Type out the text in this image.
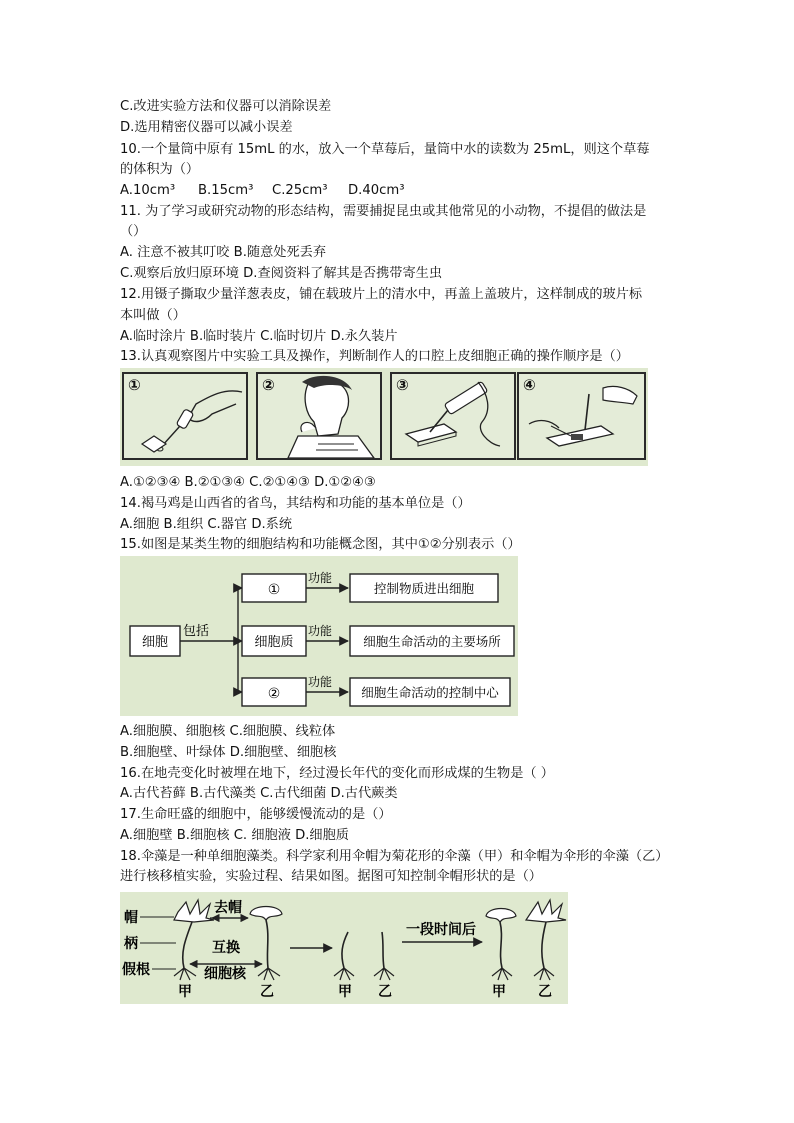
C.改进实验方法和仪器可以消除误差
D.选用精密仪器可以减小误差
10.一个量筒中原有 15mL 的水，放入一个草莓后，量筒中水的读数为 25mL，则这个草莓
的体积为（）
A.10cm³ B.15cm³ C.25cm³ D.40cm³
11. 为了学习或研究动物的形态结构，需要捕捉昆虫或其他常见的小动物，不提倡的做法是
（）
A. 注意不被其叮咬 B.随意处死丢弃
C.观察后放归原环境 D.查阅资料了解其是否携带寄生虫
12.用镊子撕取少量洋葱表皮，铺在载玻片上的清水中，再盖上盖玻片，这样制成的玻片标
本叫做（）
A.临时涂片 B.临时装片 C.临时切片 D.永久装片
13.认真观察图片中实验工具及操作，判断制作人的口腔上皮细胞正确的操作顺序是（）
①	②	③	④
A.①②③④ B.②①③④ C.②①④③ D.①②④③
14.褐马鸡是山西省的省鸟，其结构和功能的基本单位是（）
A.细胞 B.组织 C.器官 D.系统
15.如图是某类生物的细胞结构和功能概念图，其中①②分别表示（）
细胞
包括
①
细胞质
②
功能
功能
功能
控制物质进出细胞
细胞生命活动的主要场所
细胞生命活动的控制中心
A.细胞膜、细胞核 C.细胞膜、线粒体
B.细胞壁、叶绿体 D.细胞壁、细胞核
16.在地壳变化时被埋在地下，经过漫长年代的变化而形成煤的生物是（ ）
A.古代苔藓 B.古代藻类 C.古代细菌 D.古代蕨类
17.生命旺盛的细胞中，能够缓慢流动的是（）
A.细胞壁 B.细胞核 C. 细胞液 D.细胞质
18.伞藻是一种单细胞藻类。科学家利用伞帽为菊花形的伞藻（甲）和伞帽为伞形的伞藻（乙）
进行核移植实验，实验过程、结果如图。据图可知控制伞帽形状的是（）
帽
柄
假根
去帽
互换
细胞核
甲	乙	甲 乙
一段时间后
甲 乙
